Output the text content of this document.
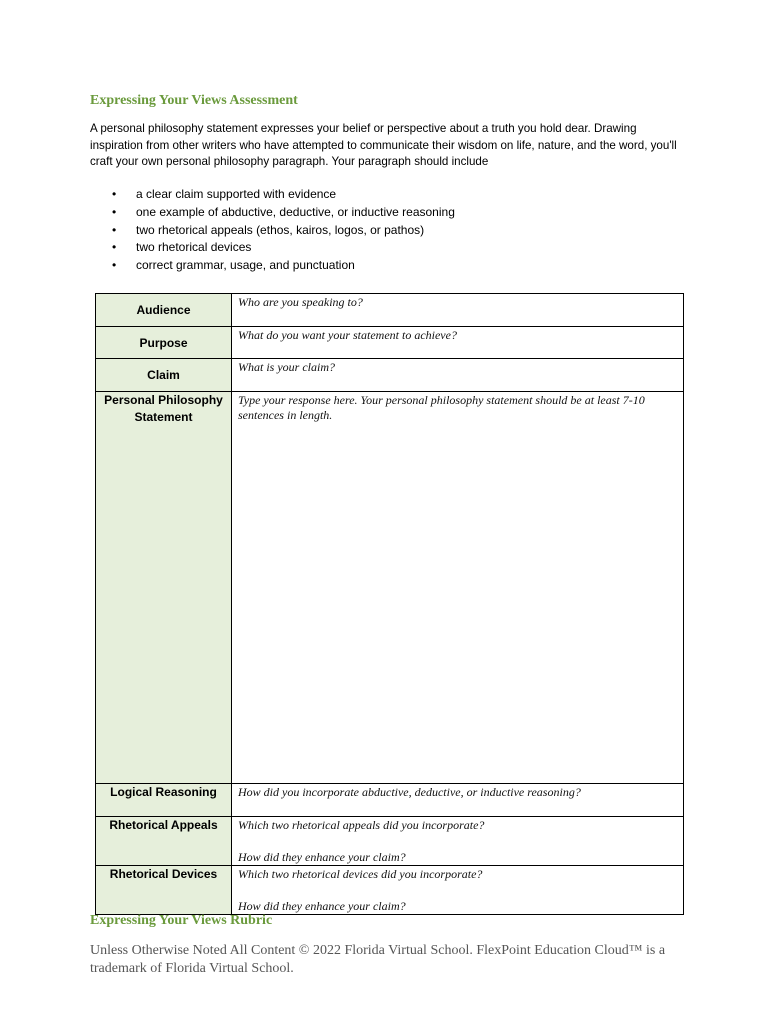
Expressing Your Views Assessment

A personal philosophy statement expresses your belief or perspective about a truth you hold dear. Drawing inspiration from other writers who have attempted to communicate their wisdom on life, nature, and the word, you'll craft your own personal philosophy paragraph. Your paragraph should include

• a clear claim supported with evidence
• one example of abductive, deductive, or inductive reasoning
• two rhetorical appeals (ethos, kairos, logos, or pathos)
• two rhetorical devices
• correct grammar, usage, and punctuation
Audience	Who are you speaking to?

Purpose	What do you want your statement to achieve?

Claim	What is your claim?

Personal Philosophy Statement	Type your response here. Your personal philosophy statement should be at least 7-10 sentences in length.

Logical Reasoning	How did you incorporate abductive, deductive, or inductive reasoning?

Rhetorical Appeals	Which two rhetorical appeals did you incorporate?
How did they enhance your claim?

Rhetorical Devices	Which two rhetorical devices did you incorporate?
How did they enhance your claim?
Expressing Your Views Rubric
Unless Otherwise Noted All Content © 2022 Florida Virtual School. FlexPoint Education Cloud™ is a trademark of Florida Virtual School.
